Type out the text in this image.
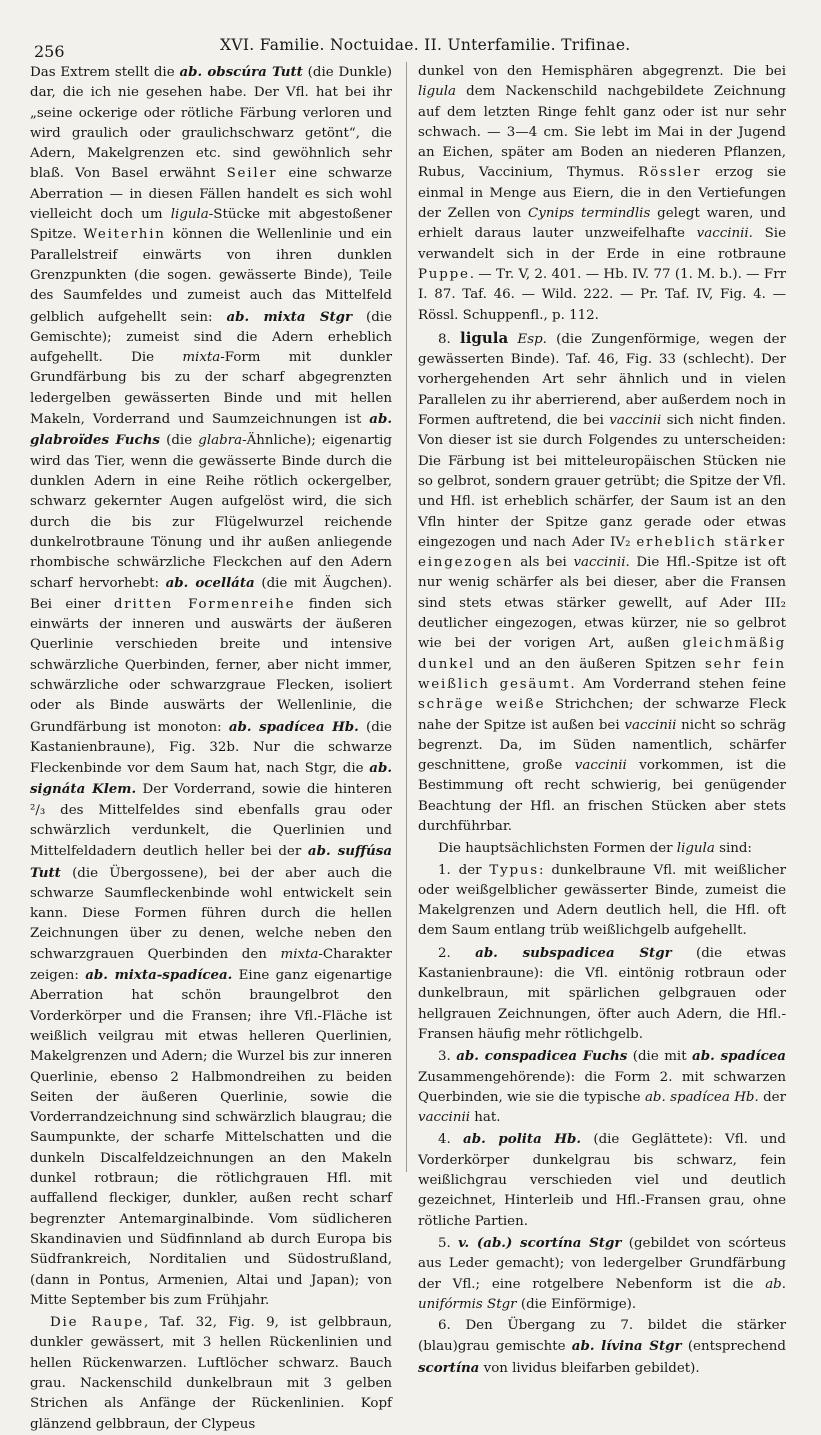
256	XVI. Familie. Noctuidae. II. Unterfamilie. Trifinae.

Das Extrem stellt die ab. obscúra Tutt (die Dunkle) dar, die ich nie gesehen habe. Der Vfl. hat bei ihr „seine ockerige oder rötliche Färbung verloren und wird graulich oder graulichschwarz getönt“, die Adern, Makelgrenzen etc. sind gewöhnlich sehr blaß. Von Basel erwähnt Seiler eine schwarze Aberration — in diesen Fällen handelt es sich wohl vielleicht doch um ligula-Stücke mit abgestoßener Spitze. Weiterhin können die Wellenlinie und ein Parallelstreif einwärts von ihren dunklen Grenzpunkten (die sogen. gewässerte Binde), Teile des Saumfeldes und zumeist auch das Mittelfeld gelblich aufgehellt sein: ab. mixta Stgr (die Gemischte); zumeist sind die Adern erheblich aufgehellt. Die mixta-Form mit dunkler Grundfärbung bis zu der scharf abgegrenzten ledergelben gewässerten Binde und mit hellen Makeln, Vorderrand und Saumzeichnungen ist ab. glabroïdes Fuchs (die glabra-Ähnliche); eigenartig wird das Tier, wenn die gewässerte Binde durch die dunklen Adern in eine Reihe rötlich ockergelber, schwarz gekernter Augen aufgelöst wird, die sich durch die bis zur Flügelwurzel reichende dunkelrotbraune Tönung und ihr außen anliegende rhombische schwärzliche Fleckchen auf den Adern scharf hervorhebt: ab. ocelláta (die mit Äugchen). Bei einer dritten Formenreihe finden sich einwärts der inneren und auswärts der äußeren Querlinie verschieden breite und intensive schwärzliche Querbinden, ferner, aber nicht immer, schwärzliche oder schwarzgraue Flecken, isoliert oder als Binde auswärts der Wellenlinie, die Grundfärbung ist monoton: ab. spadícea Hb. (die Kastanienbraune), Fig. 32b. Nur die schwarze Fleckenbinde vor dem Saum hat, nach Stgr, die ab. signáta Klem. Der Vorderrand, sowie die hinteren ²/₃ des Mittelfeldes sind ebenfalls grau oder schwärzlich verdunkelt, die Querlinien und Mittelfeldadern deutlich heller bei der ab. suffúsa Tutt (die Übergossene), bei der aber auch die schwarze Saumfleckenbinde wohl entwickelt sein kann. Diese Formen führen durch die hellen Zeichnungen über zu denen, welche neben den schwarzgrauen Querbinden den mixta-Charakter zeigen: ab. mixta-spadícea. Eine ganz eigenartige Aberration hat schön braungelbrot den Vorderkörper und die Fransen; ihre Vfl.-Fläche ist weißlich veilgrau mit etwas helleren Querlinien, Makelgrenzen und Adern; die Wurzel bis zur inneren Querlinie, ebenso 2 Halbmondreihen zu beiden Seiten der äußeren Querlinie, sowie die Vorderrandzeichnung sind schwärzlich blaugrau; die Saumpunkte, der scharfe Mittelschatten und die dunkeln Discalfeldzeichnungen an den Makeln dunkel rotbraun; die rötlichgrauen Hfl. mit auffallend fleckiger, dunkler, außen recht scharf begrenzter Antemarginalbinde. Vom südlicheren Skandinavien und Südfinnland ab durch Europa bis Südfrankreich, Norditalien und Südostrußland, (dann in Pontus, Armenien, Altai und Japan); von Mitte September bis zum Frühjahr.

Die Raupe, Taf. 32, Fig. 9, ist gelbbraun, dunkler gewässert, mit 3 hellen Rückenlinien und hellen Rückenwarzen. Luftlöcher schwarz. Bauch grau. Nackenschild dunkelbraun mit 3 gelben Strichen als Anfänge der Rückenlinien. Kopf glänzend gelbbraun, der Clypeus

dunkel von den Hemisphären abgegrenzt. Die bei ligula dem Nackenschild nachgebildete Zeichnung auf dem letzten Ringe fehlt ganz oder ist nur sehr schwach. — 3—4 cm. Sie lebt im Mai in der Jugend an Eichen, später am Boden an niederen Pflanzen, Rubus, Vaccinium, Thymus. Rössler erzog sie einmal in Menge aus Eiern, die in den Vertiefungen der Zellen von Cynips termindlis gelegt waren, und erhielt daraus lauter unzweifelhafte vaccinii. Sie verwandelt sich in der Erde in eine rotbraune Puppe. — Tr. V, 2. 401. — Hb. IV. 77 (1. M. b.). — Frr I. 87. Taf. 46. — Wild. 222. — Pr. Taf. IV, Fig. 4. — Rössl. Schuppenfl., p. 112.

8. ligula Esp. (die Zungenförmige, wegen der gewässerten Binde). Taf. 46, Fig. 33 (schlecht). Der vorhergehenden Art sehr ähnlich und in vielen Parallelen zu ihr aberrierend, aber außerdem noch in Formen auftretend, die bei vaccinii sich nicht finden. Von dieser ist sie durch Folgendes zu unterscheiden: Die Färbung ist bei mitteleuropäischen Stücken nie so gelbrot, sondern grauer getrübt; die Spitze der Vfl. und Hfl. ist erheblich schärfer, der Saum ist an den Vfln hinter der Spitze ganz gerade oder etwas eingezogen und nach Ader IV₂ erheblich stärker eingezogen als bei vaccinii. Die Hfl.-Spitze ist oft nur wenig schärfer als bei dieser, aber die Fransen sind stets etwas stärker gewellt, auf Ader III₂ deutlicher eingezogen, etwas kürzer, nie so gelbrot wie bei der vorigen Art, außen gleichmäßig dunkel und an den äußeren Spitzen sehr fein weißlich gesäumt. Am Vorderrand stehen feine schräge weiße Strichchen; der schwarze Fleck nahe der Spitze ist außen bei vaccinii nicht so schräg begrenzt. Da, im Süden namentlich, schärfer geschnittene, große vaccinii vorkommen, ist die Bestimmung oft recht schwierig, bei genügender Beachtung der Hfl. an frischen Stücken aber stets durchführbar.

Die hauptsächlichsten Formen der ligula sind:

1. der Typus: dunkelbraune Vfl. mit weißlicher oder weißgelblicher gewässerter Binde, zumeist die Makelgrenzen und Adern deutlich hell, die Hfl. oft dem Saum entlang trüb weißlichgelb aufgehellt.

2. ab. subspadicea Stgr (die etwas Kastanienbraune): die Vfl. eintönig rotbraun oder dunkelbraun, mit spärlichen gelbgrauen oder hellgrauen Zeichnungen, öfter auch Adern, die Hfl.-Fransen häufig mehr rötlichgelb.

3. ab. conspadicea Fuchs (die mit ab. spadícea Zusammengehörende): die Form 2. mit schwarzen Querbinden, wie sie die typische ab. spadícea Hb. der vaccinii hat.

4. ab. polita Hb. (die Geglättete): Vfl. und Vorderkörper dunkelgrau bis schwarz, fein weißlichgrau verschieden viel und deutlich gezeichnet, Hinterleib und Hfl.-Fransen grau, ohne rötliche Partien.

5. v. (ab.) scortína Stgr (gebildet von scórteus aus Leder gemacht); von ledergelber Grundfärbung der Vfl.; eine rotgelbere Nebenform ist die ab. unifórmis Stgr (die Einförmige).

6. Den Übergang zu 7. bildet die stärker (blau)grau gemischte ab. lívina Stgr (entsprechend scortína von lividus bleifarben gebildet).
